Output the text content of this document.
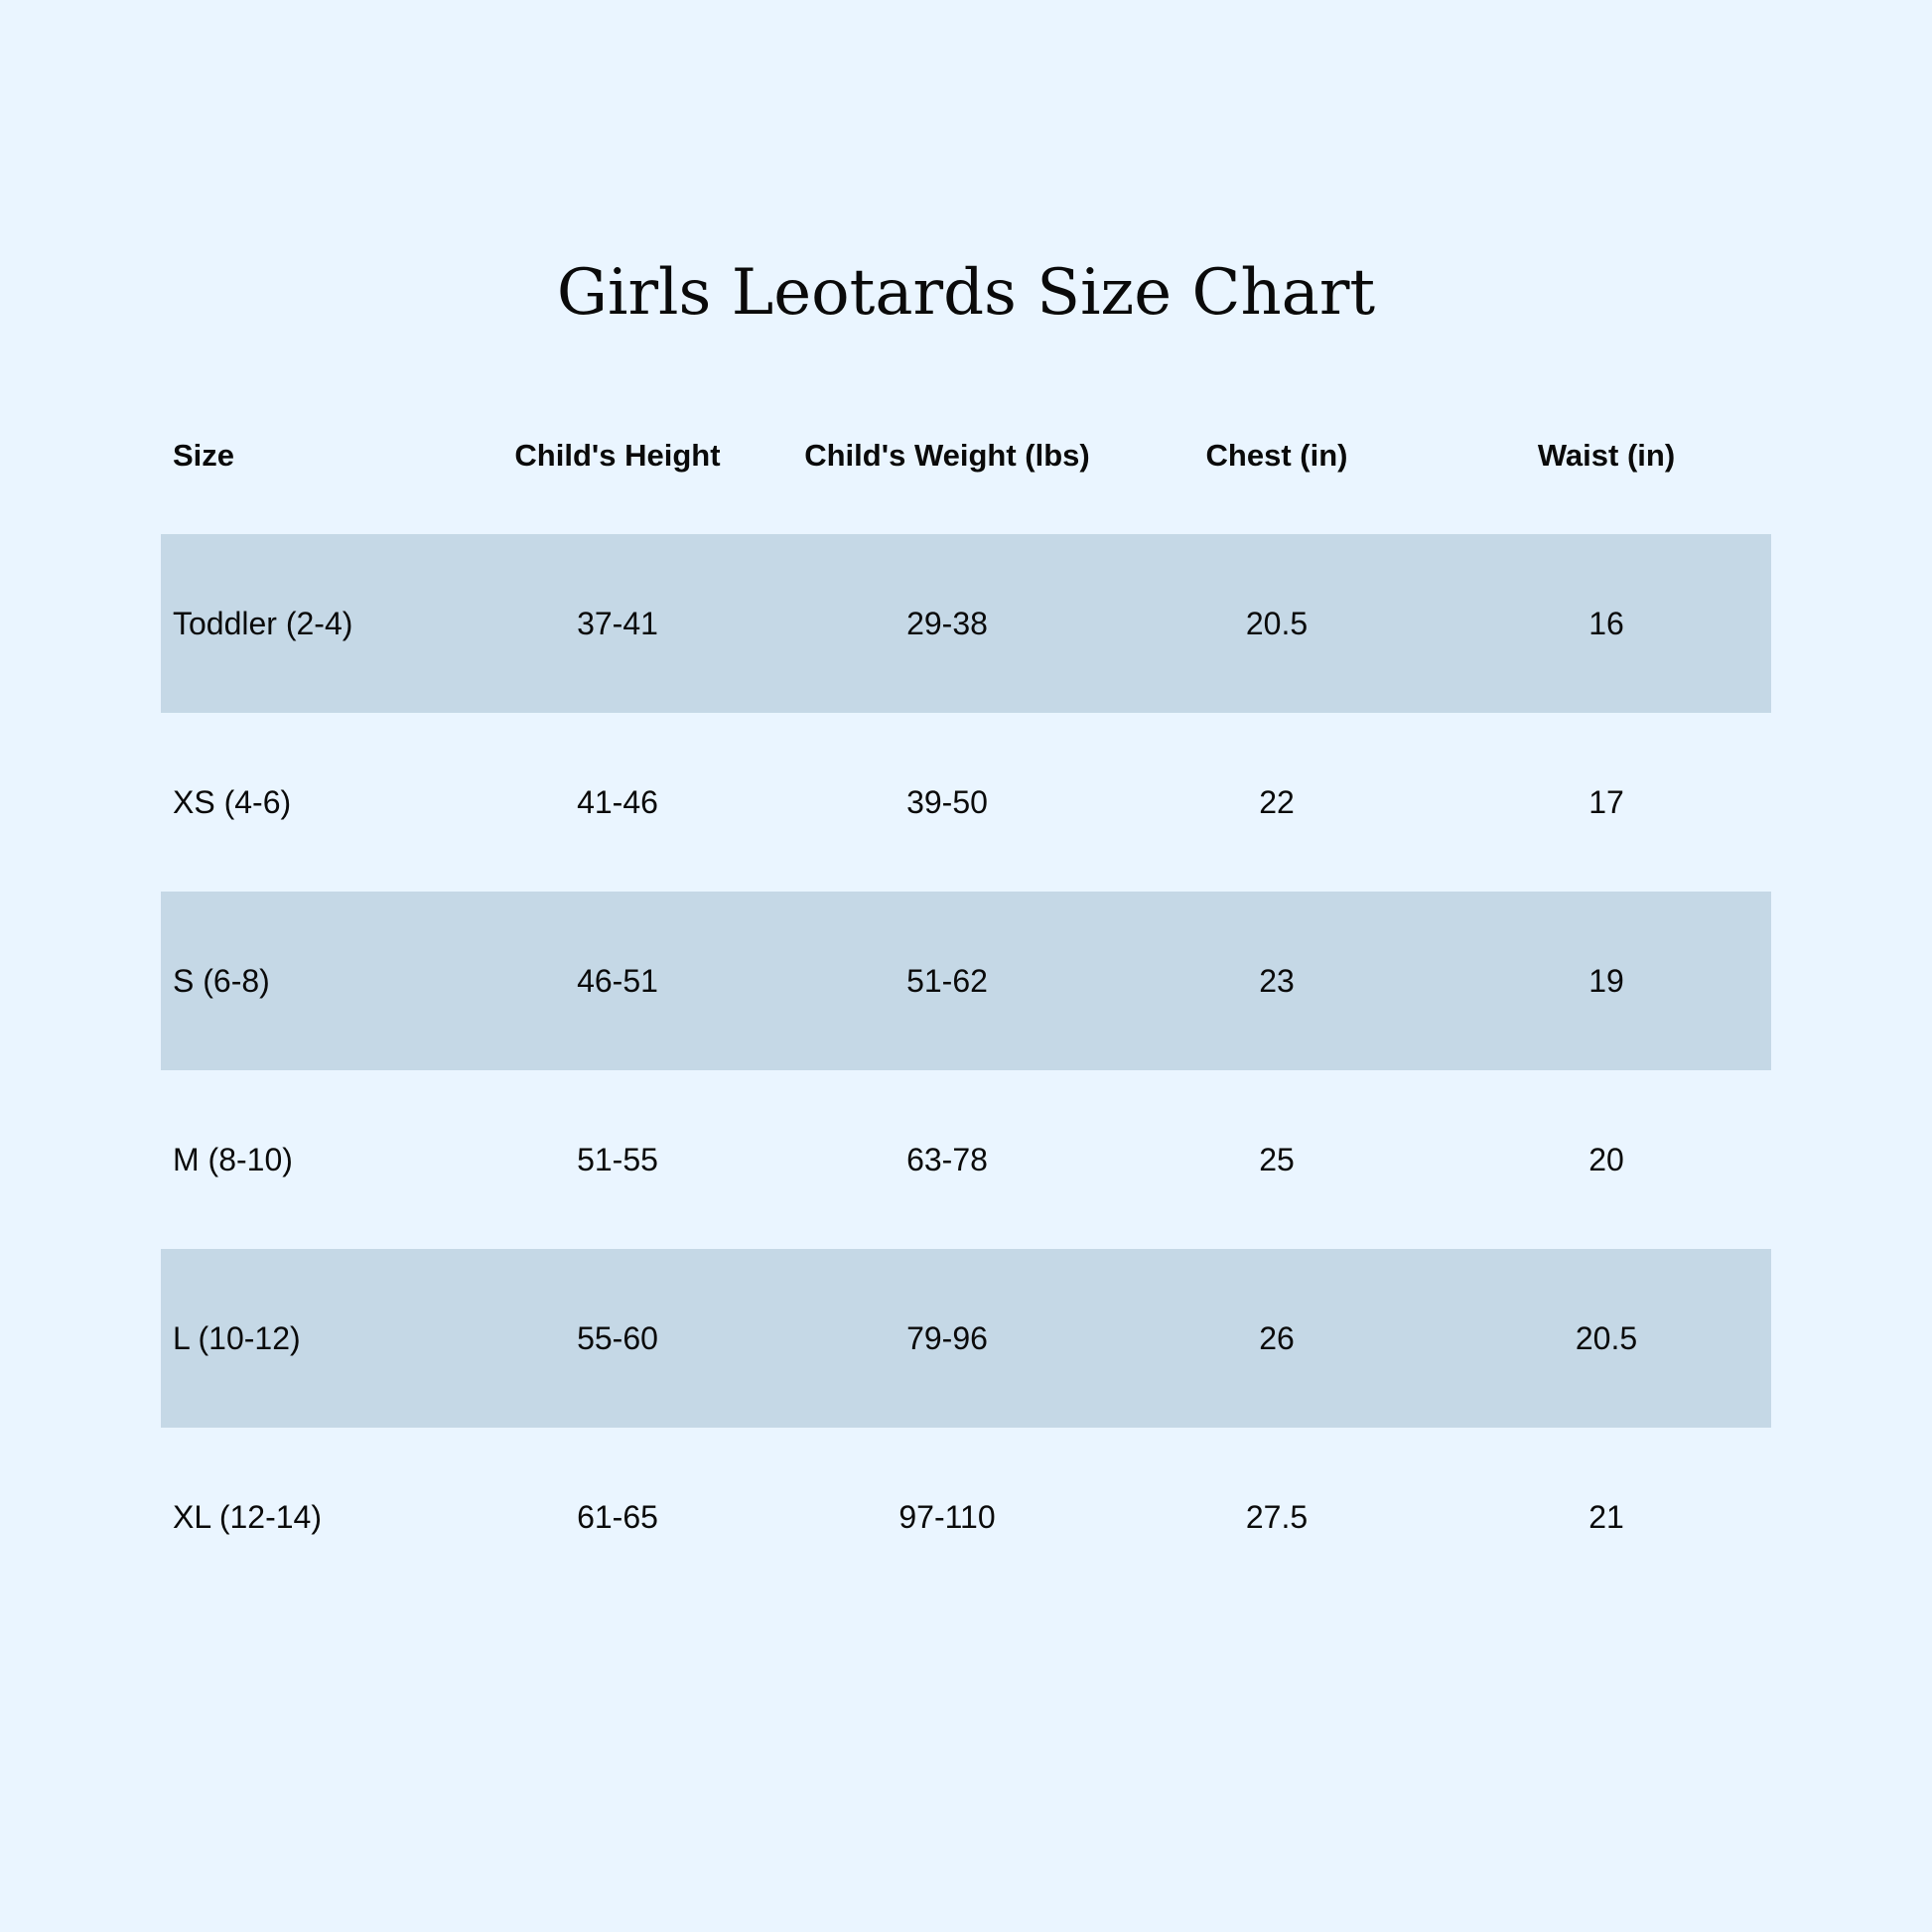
Girls Leotards Size Chart
Size	Child's Height	Child's Weight (lbs)	Chest (in)	Waist (in)
Toddler (2-4)	37-41	29-38	20.5	16
XS (4-6)	41-46	39-50	22	17
S (6-8)	46-51	51-62	23	19
M (8-10)	51-55	63-78	25	20
L (10-12)	55-60	79-96	26	20.5
XL (12-14)	61-65	97-110	27.5	21
